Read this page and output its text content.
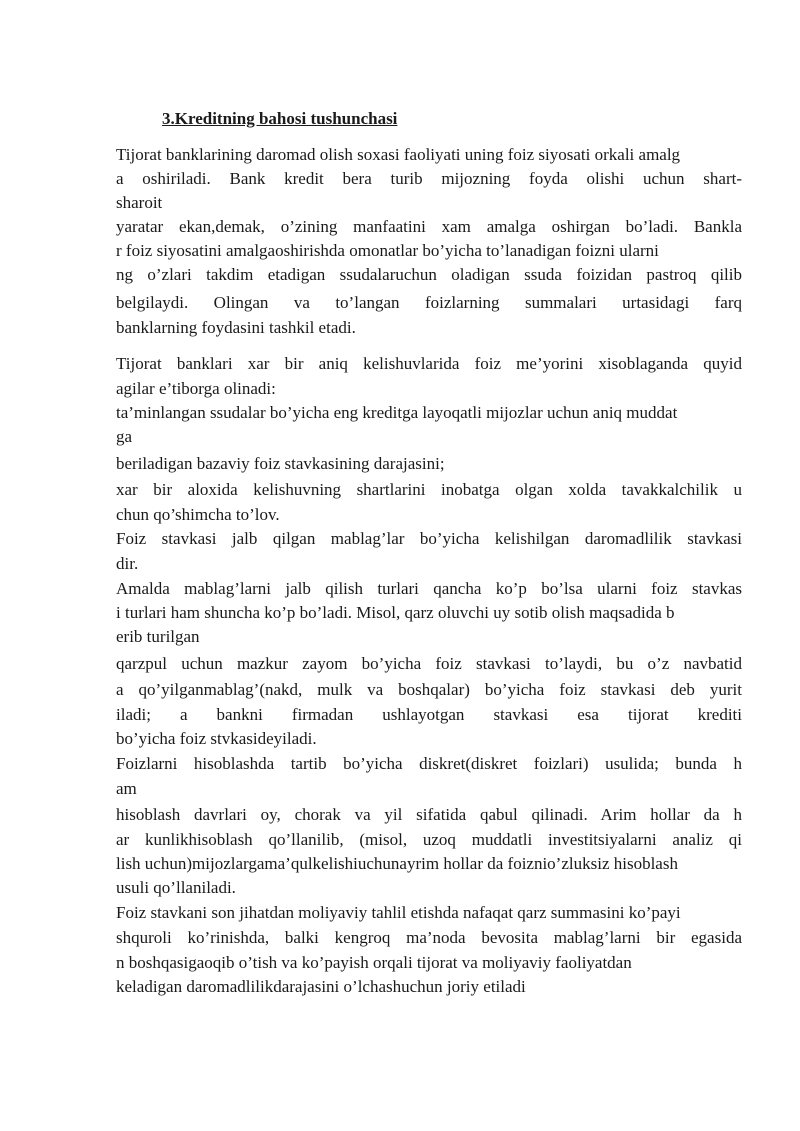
3.Kreditning bahosi tushunchasi
Tijorat banklarining daromad olish soxasi faoliyati uning foiz siyosati orkali amalg
a oshiriladi. Bank kredit bera turib mijozning foyda olishi uchun shart-
sharoit
yaratar ekan,demak, o’zining manfaatini xam amalga oshirgan bo’ladi. Bankla
r foiz siyosatini amalgaoshirishda omonatlar bo’yicha to’lanadigan foizni ularni
ng o’zlari takdim etadigan ssudalaruchun oladigan ssuda foizidan pastroq qilib
belgilaydi. Olingan va to’langan foizlarning summalari urtasidagi farq
banklarning foydasini tashkil etadi.
Tijorat banklari xar bir aniq kelishuvlarida foiz me’yorini xisoblaganda quyid
agilar e’tiborga olinadi:
ta’minlangan ssudalar bo’yicha eng kreditga layoqatli mijozlar uchun aniq muddat
ga
beriladigan bazaviy foiz stavkasining darajasini;
xar bir aloxida kelishuvning shartlarini inobatga olgan xolda tavakkalchilik u
chun qo’shimcha to’lov.
Foiz stavkasi jalb qilgan mablag’lar bo’yicha kelishilgan daromadlilik stavkasi
dir.
Amalda mablag’larni jalb qilish turlari qancha ko’p bo’lsa ularni foiz stavkas
i turlari ham shuncha ko’p bo’ladi. Misol, qarz oluvchi uy sotib olish maqsadida b
erib turilgan
qarzpul uchun mazkur zayom bo’yicha foiz stavkasi to’laydi, bu o’z navbatid
a qo’yilganmablag’(nakd, mulk va boshqalar) bo’yicha foiz stavkasi deb yurit
iladi; a bankni firmadan ushlayotgan stavkasi esa tijorat krediti
bo’yicha foiz stvkasideyiladi.
Foizlarni hisoblashda tartib bo’yicha diskret(diskret foizlari) usulida; bunda h
am
hisoblash davrlari oy, chorak va yil sifatida qabul qilinadi. Arim hollar da h
ar kunlikhisoblash qo’llanilib, (misol, uzoq muddatli investitsiyalarni analiz qi
lish uchun)mijozlargama’qulkelishiuchunayrim hollar da foiznio’zluksiz hisoblash
usuli qo’llaniladi.
Foiz stavkani son jihatdan moliyaviy tahlil etishda nafaqat qarz summasini ko’payi
shquroli ko’rinishda, balki kengroq ma’noda bevosita mablag’larni bir egasida
n boshqasigaoqib o’tish va ko’payish orqali tijorat va moliyaviy faoliyatdan
keladigan daromadlilikdarajasini o’lchashuchun joriy etiladi
